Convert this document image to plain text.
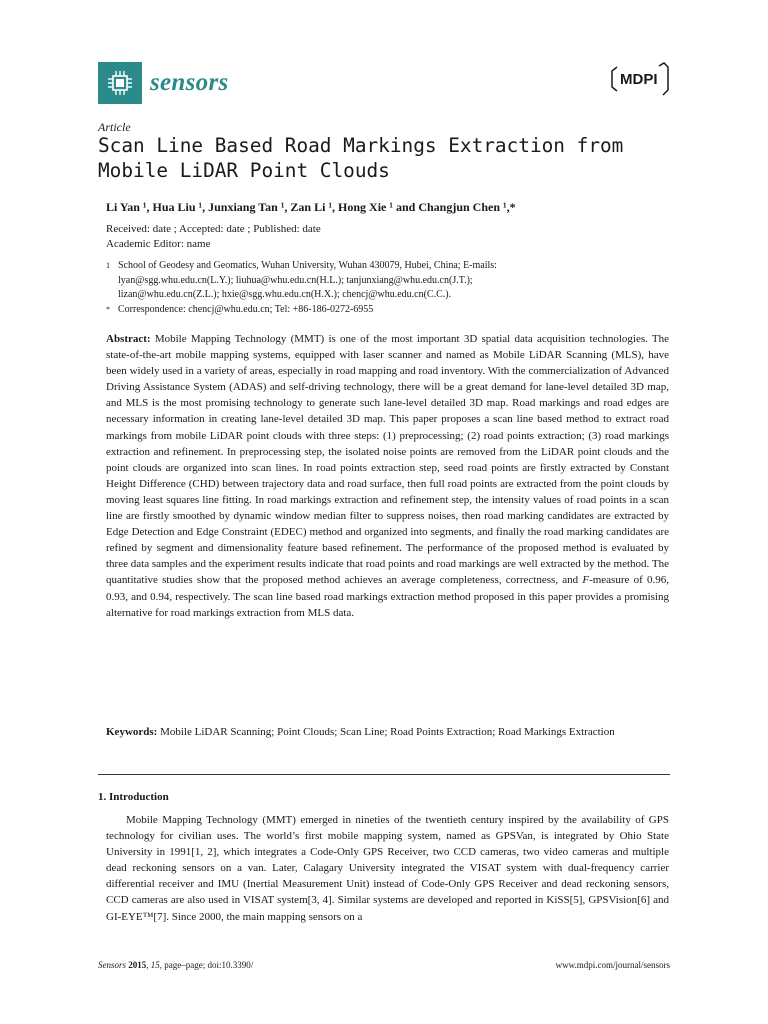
sensors	MDPI
Article
Scan Line Based Road Markings Extraction from Mobile LiDAR Point Clouds
Li Yan ¹, Hua Liu ¹, Junxiang Tan ¹, Zan Li ¹, Hong Xie ¹ and Changjun Chen ¹,*
Received: date ; Accepted: date ; Published: date
Academic Editor: name
1 School of Geodesy and Geomatics, Wuhan University, Wuhan 430079, Hubei, China; E-mails:
lyan@sgg.whu.edu.cn(L.Y.); liuhua@whu.edu.cn(H.L.); tanjunxiang@whu.edu.cn(J.T.);
lizan@whu.edu.cn(Z.L.); hxie@sgg.whu.edu.cn(H.X.); chencj@whu.edu.cn(C.C.).
* Correspondence: chencj@whu.edu.cn; Tel: +86-186-0272-6955
Abstract: Mobile Mapping Technology (MMT) is one of the most important 3D spatial data acquisition technologies. The state-of-the-art mobile mapping systems, equipped with laser scanner and named as Mobile LiDAR Scanning (MLS), have been widely used in a variety of areas, especially in road mapping and road inventory. With the commercialization of Advanced Driving Assistance System (ADAS) and self-driving technology, there will be a great demand for lane-level detailed 3D map, and MLS is the most promising technology to generate such lane-level detailed 3D map. Road markings and road edges are necessary information in creating lane-level detailed 3D map. This paper proposes a scan line based method to extract road markings from mobile LiDAR point clouds with three steps: (1) preprocessing; (2) road points extraction; (3) road markings extraction and refinement. In preprocessing step, the isolated noise points are removed from the LiDAR point clouds and the point clouds are organized into scan lines. In road points extraction step, seed road points are firstly extracted by Constant Height Difference (CHD) between trajectory data and road surface, then full road points are extracted from the point clouds by moving least squares line fitting. In road markings extraction and refinement step, the intensity values of road points in a scan line are firstly smoothed by dynamic window median filter to suppress noises, then road marking candidates are extracted by Edge Detection and Edge Constraint (EDEC) method and organized into segments, and finally the road marking candidates are refined by segment and dimensionality feature based refinement. The performance of the proposed method is evaluated by three data samples and the experiment results indicate that road points and road markings are well extracted by the method. The quantitative studies show that the proposed method achieves an average completeness, correctness, and F-measure of 0.96, 0.93, and 0.94, respectively. The scan line based road markings extraction method proposed in this paper provides a promising alternative for road markings extraction from MLS data.
Keywords: Mobile LiDAR Scanning; Point Clouds; Scan Line; Road Points Extraction; Road Markings Extraction
1. Introduction
Mobile Mapping Technology (MMT) emerged in nineties of the twentieth century inspired by the availability of GPS technology for civilian uses. The world’s first mobile mapping system, named as GPSVan, is integrated by Ohio State University in 1991[1, 2], which integrates a Code-Only GPS Receiver, two CCD cameras, two video cameras and multiple dead reckoning sensors on a van. Later, Calagary University integrated the VISAT system with dual-frequency carrier differential receiver and IMU (Inertial Measurement Unit) instead of Code-Only GPS Receiver and dead reckoning sensors, CCD cameras are also used in VISAT system[3, 4]. Similar systems are developed and reported in KiSS[5], GPSVision[6] and GI-EYE™[7]. Since 2000, the main mapping sensors on a
Sensors 2015, 15, page–page; doi:10.3390/	www.mdpi.com/journal/sensors
